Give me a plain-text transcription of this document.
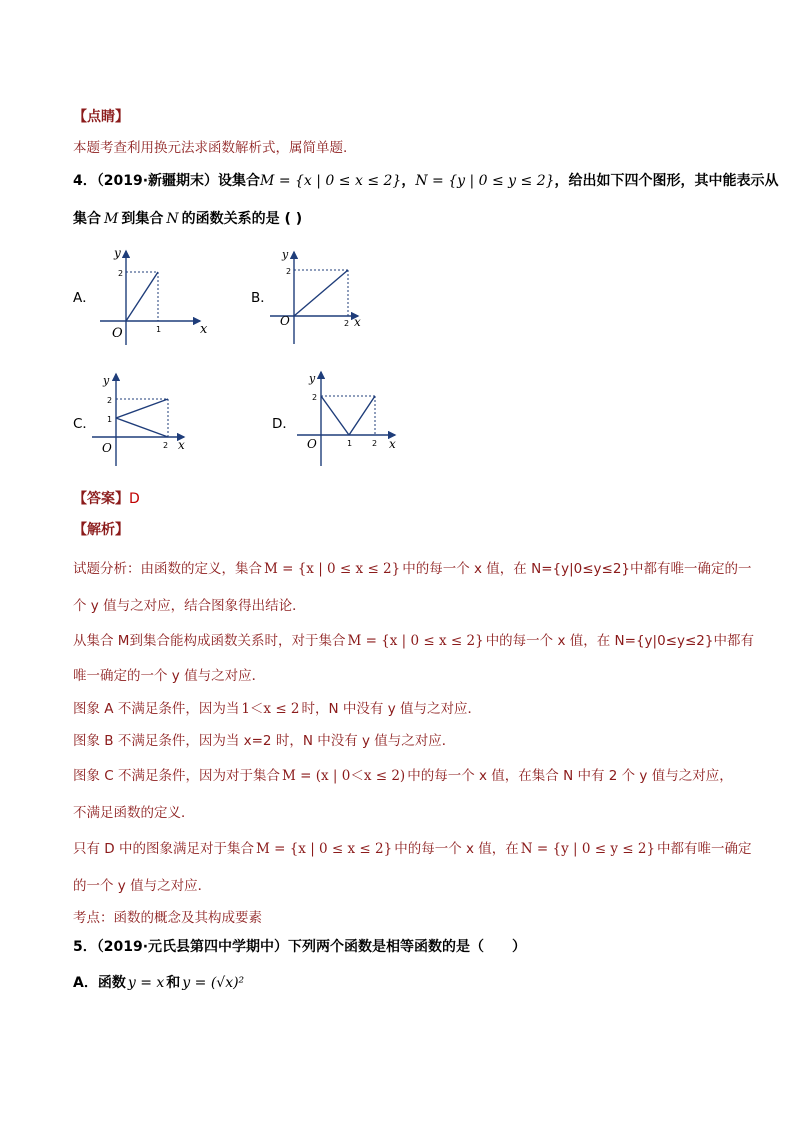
【点睛】
本题考查利用换元法求函数解析式，属简单题.
4．（2019·新疆期末）设集合M = {x | 0 ≤ x ≤ 2}，N = {y | 0 ≤ y ≤ 2}，给出如下四个图形，其中能表示从
集合 M 到集合 N 的函数关系的是 ( )
A．
y
2
1
O	x
B．
y
2
2
O	x
C．
y
2
1
2
O	x
D．
y
2
1 2
O	x
【答案】D
【解析】
试题分析：由函数的定义，集合 M = {x | 0 ≤ x ≤ 2} 中的每一个 x 值，在 N={y|0≤y≤2}中都有唯一确定的一
个 y 值与之对应，结合图象得出结论．
从集合 M到集合能构成函数关系时，对于集合 M = {x | 0 ≤ x ≤ 2} 中的每一个 x 值，在 N={y|0≤y≤2}中都有
唯一确定的一个 y 值与之对应．
图象 A 不满足条件，因为当 1＜x ≤ 2 时，N 中没有 y 值与之对应．
图象 B 不满足条件，因为当 x=2 时，N 中没有 y 值与之对应．
图象 C 不满足条件，因为对于集合 M = (x | 0＜x ≤ 2) 中的每一个 x 值，在集合 N 中有 2 个 y 值与之对应，
不满足函数的定义．
只有 D 中的图象满足对于集合 M = {x | 0 ≤ x ≤ 2} 中的每一个 x 值，在 N = {y | 0 ≤ y ≤ 2} 中都有唯一确定
的一个 y 值与之对应．
考点：函数的概念及其构成要素
5．（2019·元氏县第四中学期中）下列两个函数是相等函数的是（　　）
A．函数 y = x 和 y = (√x)²
